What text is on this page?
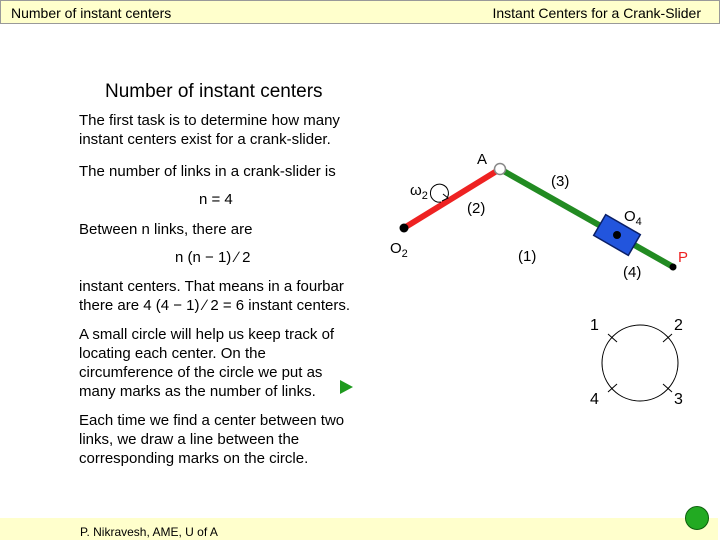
Number of instant centers	Instant Centers for a Crank-Slider
Number of instant centers
The first task is to determine how many
instant centers exist for a crank-slider.
The number of links in a crank-slider is
n = 4
Between n links, there are
n (n − 1) ∕ 2
instant centers. That means in a fourbar
there are 4 (4 − 1) ∕ 2 = 6 instant centers.
A small circle will help us keep track of
locating each center. On the
circumference of the circle we put as
many marks as the number of links.
Each time we find a center between two
links, we draw a line between the
corresponding marks on the circle.
A
(3)
$\omega_2$
(2)	$O_4$
$O_2$	(1)	P
(4)
1	2
3
4
P. Nikravesh, AME, U of A
